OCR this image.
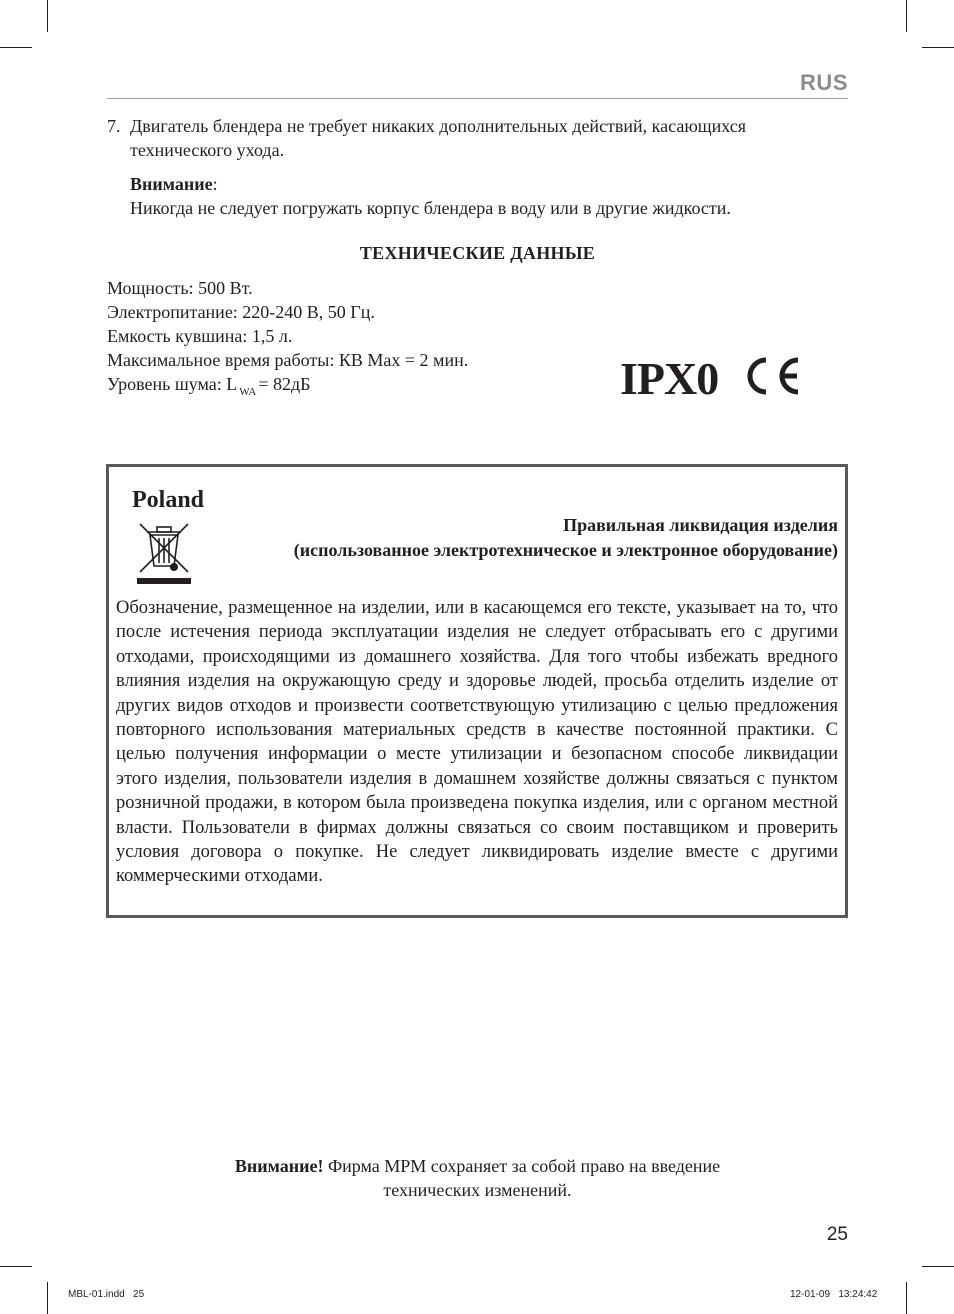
RUS
7. Двигатель блендера не требует никаких дополнительных действий, касающихся технического ухода.
Внимание:
Никогда не следует погружать корпус блендера в воду или в другие жидкости.
ТЕХНИЧЕСКИЕ ДАННЫЕ
Мощность: 500 Вт.
Электропитание: 220-240 В, 50 Гц.
Емкость кувшина: 1,5 л.
Максимальное время работы: КВ Max = 2 мин.
Уровень шума: L $_{WA}$ = 82дБ	IPX0
Poland
Правильная ликвидация изделия
(использованное электротехническое и электронное оборудование)
Обозначение, размещенное на изделии, или в касающемся его тексте, указывает на то, что после истечения периода эксплуатации изделия не следует отбрасывать его с другими отходами, происходящими из домашнего хозяйства. Для того чтобы избежать вредного влияния изделия на окружающую среду и здоровье людей, просьба отделить изделие от других видов отходов и произвести соответствующую утилизацию с целью предложения повторного использования материальных средств в качестве постоянной практики. С целью получения информации о месте утилизации и безопасном способе ликвидации этого изделия, пользователи изделия в домашнем хозяйстве должны связаться с пунктом розничной продажи, в котором была произведена покупка изделия, или с органом местной власти. Пользователи в фирмах должны связаться со своим поставщиком и проверить условия договора о покупке. Не следует ликвидировать изделие вместе с другими коммерческими отходами.
Внимание! Фирма MPM сохраняет за собой право на введение
технических изменений.
25
MBL-01.indd   25	12-01-09   13:24:42
